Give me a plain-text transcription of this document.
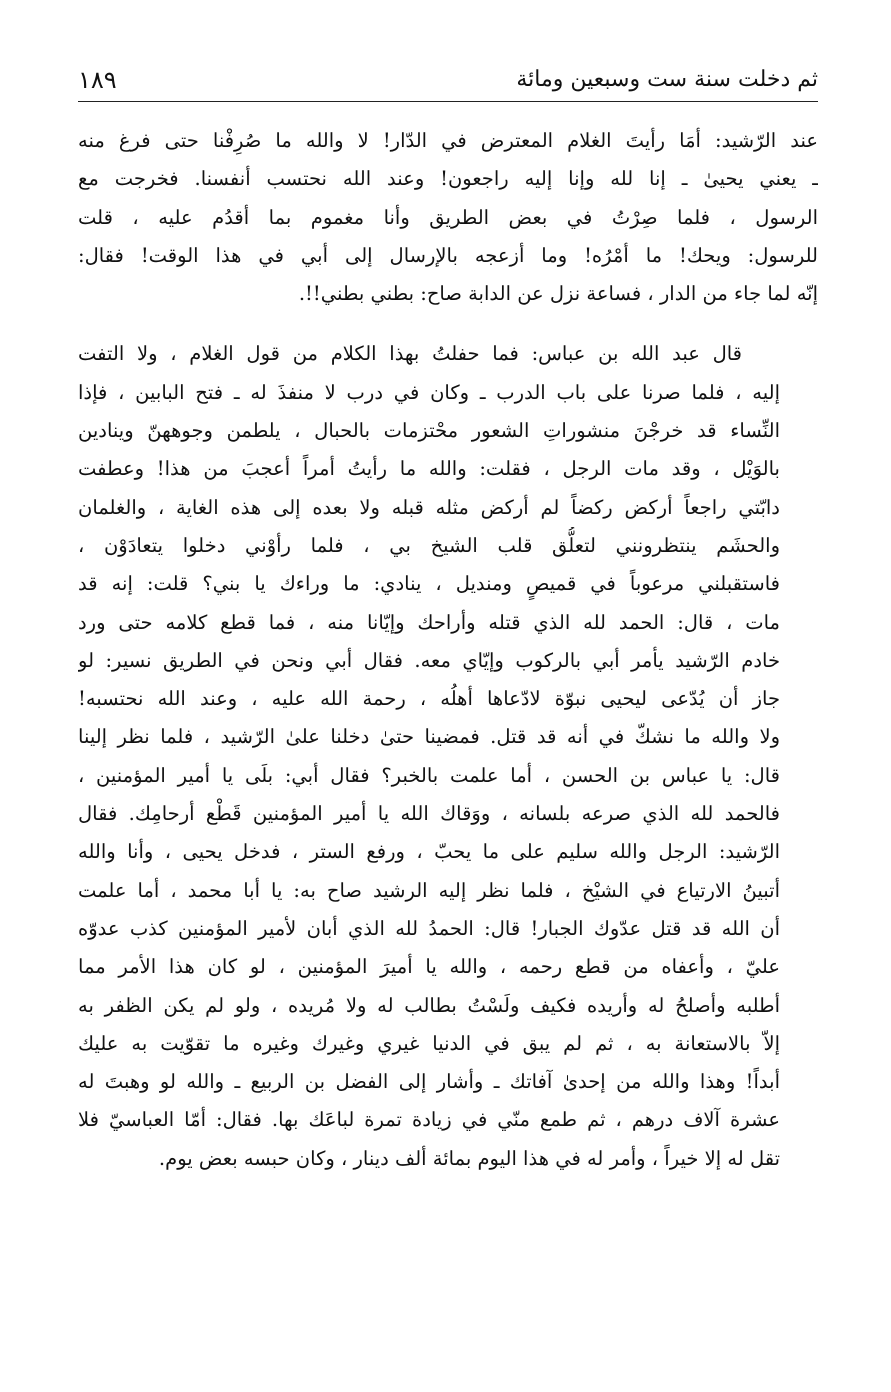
ثم دخلت سنة ست وسبعين ومائة
١٨٩
عند الرّشيد: أمَا رأيتَ الغلام المعترض في الدّار! لا والله ما صُرِفْنا حتى فرغ منه
ـ يعني يحيىٰ ـ إنا لله وإنا إليه راجعون! وعند الله نحتسب أنفسنا. فخرجت مع
الرسول ، فلما صِرْتُ في بعض الطريق وأنا مغموم بما أقدُم عليه ، قلت
للرسول: ويحك! ما أمْرُه! وما أزعجه بالإرسال إلى أبي في هذا الوقت! فقال:
إنّه لما جاء من الدار ، فساعة نزل عن الدابة صاح: بطني بطني!!.
قال عبد الله بن عباس: فما حفلتُ بهذا الكلام من قول الغلام ، ولا التفت
إليه ، فلما صرنا على باب الدرب ـ وكان في درب لا منفذَ له ـ فتح البابين ، فإذا
النِّساء قد خرجْنَ منشوراتِ الشعور محْتزمات بالحبال ، يلطمن وجوههنّ وينادين
بالوَيْل ، وقد مات الرجل ، فقلت: والله ما رأيتُ أمراً أعجبَ من هذا! وعطفت
دابّتي راجعاً أركض ركضاً لم أركض مثله قبله ولا بعده إلى هذه الغاية ، والغلمان
والحشَم ينتظرونني لتعلُّق قلب الشيخ بي ، فلما رأوْني دخلوا يتعادَوْن ،
فاستقبلني مرعوباً في قميصٍ ومنديل ، ينادي: ما وراءك يا بني؟ قلت: إنه قد
مات ، قال: الحمد لله الذي قتله وأراحك وإيّانا منه ، فما قطع كلامه حتى ورد
خادم الرّشيد يأمر أبي بالركوب وإيّاي معه. فقال أبي ونحن في الطريق نسير: لو
جاز أن يُدّعى ليحيى نبوّة لادّعاها أهلُه ، رحمة الله عليه ، وعند الله نحتسبه!
ولا والله ما نشكّ في أنه قد قتل. فمضينا حتىٰ دخلنا علىٰ الرّشيد ، فلما نظر إلينا
قال: يا عباس بن الحسن ، أما علمت بالخبر؟ فقال أبي: بلَى يا أمير المؤمنين ،
فالحمد لله الذي صرعه بلسانه ، ووَقاك الله يا أمير المؤمنين قَطْع أرحامِك. فقال
الرّشيد: الرجل والله سليم على ما يحبّ ، ورفع الستر ، فدخل يحيى ، وأنا والله
أتبينُ الارتياع في الشيْخ ، فلما نظر إليه الرشيد صاح به: يا أبا محمد ، أما علمت
أن الله قد قتل عدّوك الجبار! قال: الحمدُ لله الذي أبان لأمير المؤمنين كذب عدوّه
عليّ ، وأعفاه من قطع رحمه ، والله يا أميرَ المؤمنين ، لو كان هذا الأمر مما
أطلبه وأصلحُ له وأريده فكيف ولَسْتُ بطالب له ولا مُريده ، ولو لم يكن الظفر به
إلاّ بالاستعانة به ، ثم لم يبق في الدنيا غيري وغيرك وغيره ما تقوّيت به عليك
أبداً! وهذا والله من إحدىٰ آفاتك ـ وأشار إلى الفضل بن الربيع ـ والله لو وهبتَ له
عشرة آلاف درهم ، ثم طمع منّي في زيادة تمرة لباعَك بها. فقال: أمّا العباسيّ فلا
تقل له إلا خيراً ، وأمر له في هذا اليوم بمائة ألف دينار ، وكان حبسه بعض يوم.
